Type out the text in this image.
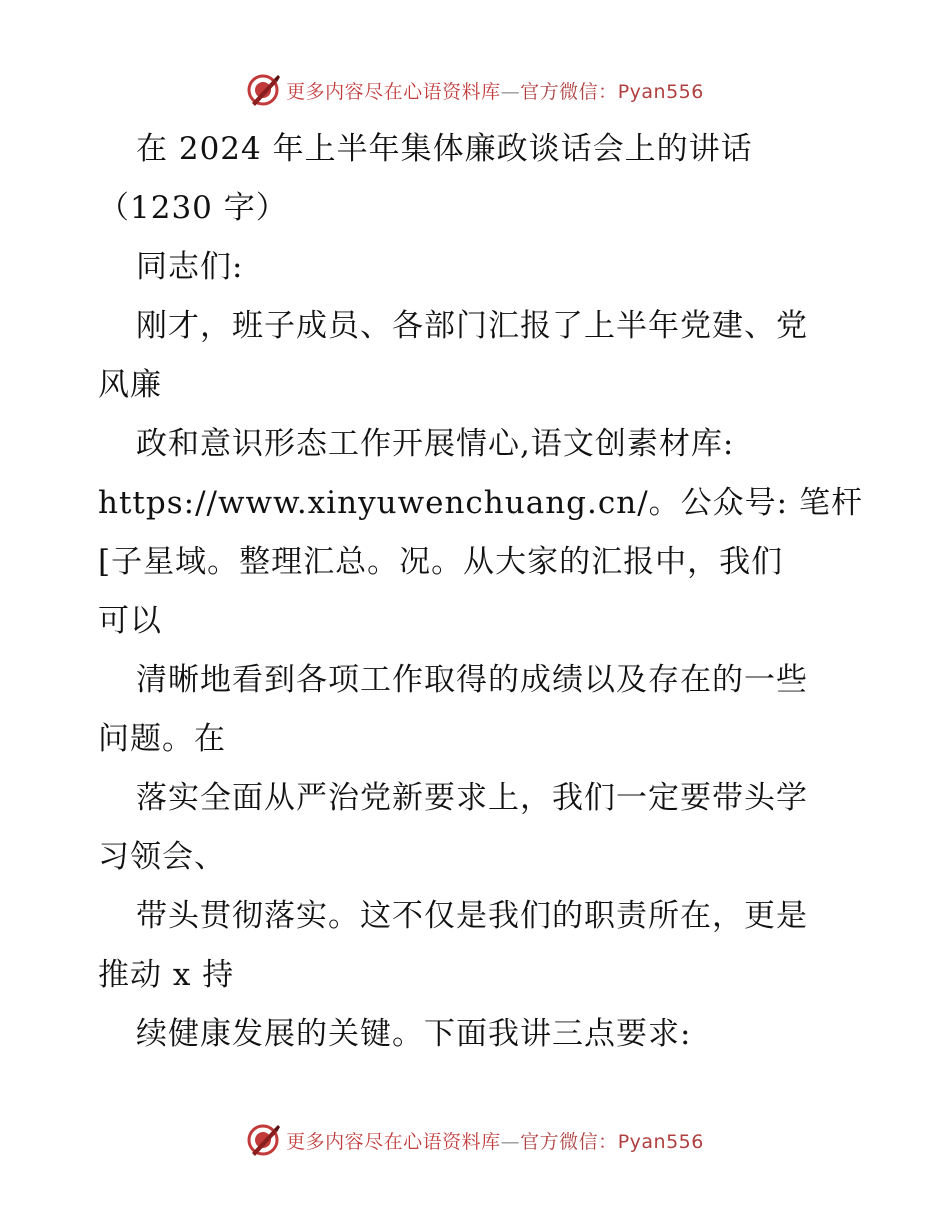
更多内容尽在心语资料库—官方微信：Pyan556
在 2024 年上半年集体廉政谈话会上的讲话
（1230 字）
同志们:
刚才，班子成员、各部门汇报了上半年党建、党
风廉
政和意识形态工作开展情心,语文创素材库:
https://www.xinyuwenchuang.cn/。公众号: 笔杆
[子星域。整理汇总。况。从大家的汇报中，我们
可以
清晰地看到各项工作取得的成绩以及存在的一些
问题。在
落实全面从严治党新要求上，我们一定要带头学
习领会、
带头贯彻落实。这不仅是我们的职责所在，更是
推动 x 持
续健康发展的关键。下面我讲三点要求:
更多内容尽在心语资料库—官方微信：Pyan556
